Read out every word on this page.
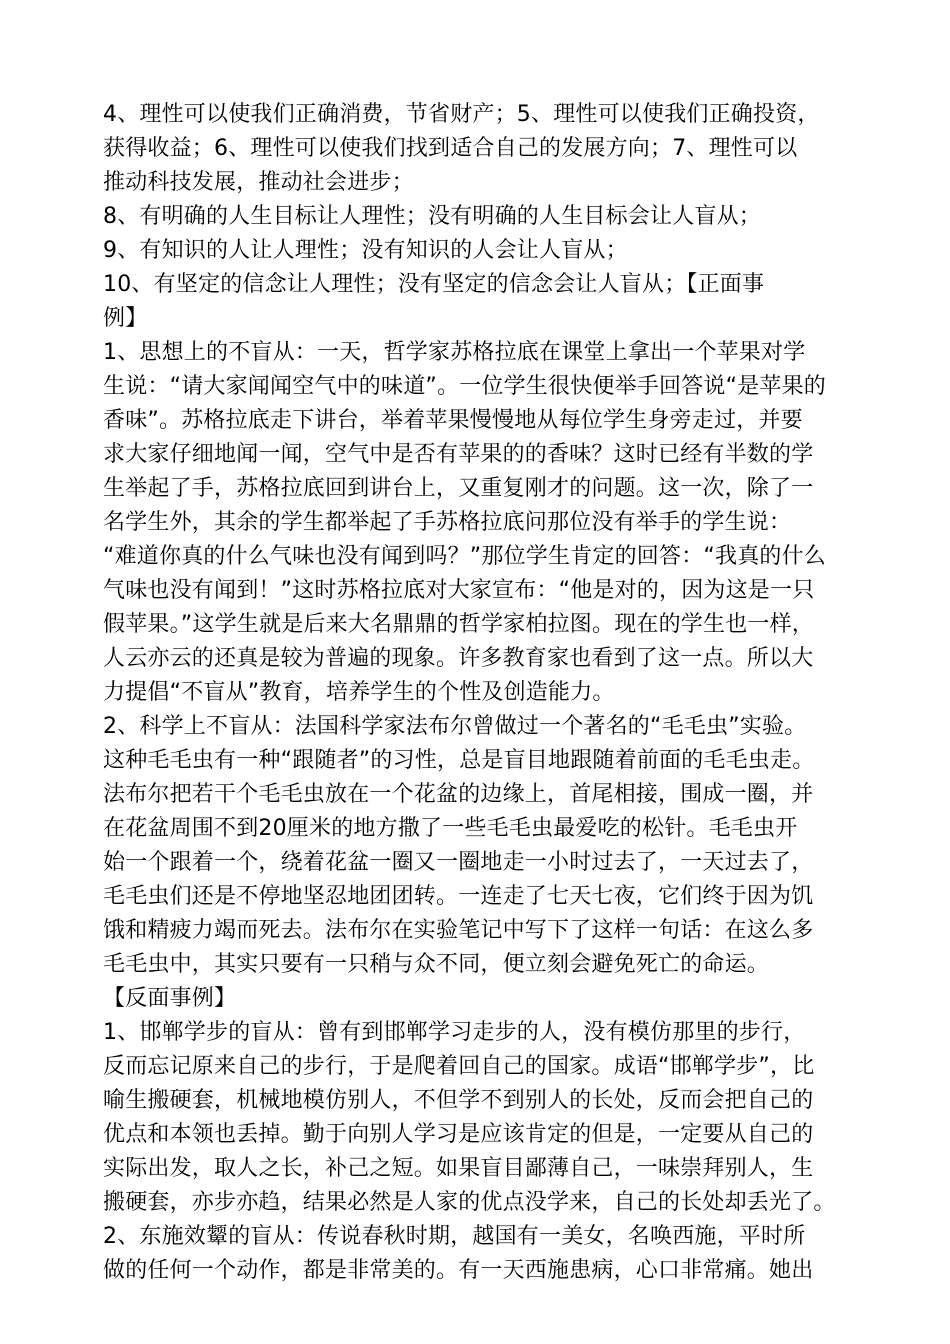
4、理性可以使我们正确消费，节省财产；5、理性可以使我们正确投资，
获得收益；6、理性可以使我们找到适合自己的发展方向；7、理性可以
推动科技发展，推动社会进步；
8、有明确的人生目标让人理性；没有明确的人生目标会让人盲从；
9、有知识的人让人理性；没有知识的人会让人盲从；
10、有坚定的信念让人理性；没有坚定的信念会让人盲从；【正面事
例】
1、思想上的不盲从：一天，哲学家苏格拉底在课堂上拿出一个苹果对学
生说：“请大家闻闻空气中的味道”。一位学生很快便举手回答说“是苹果的
香味”。苏格拉底走下讲台，举着苹果慢慢地从每位学生身旁走过，并要
求大家仔细地闻一闻，空气中是否有苹果的的香味？这时已经有半数的学
生举起了手，苏格拉底回到讲台上，又重复刚才的问题。这一次，除了一
名学生外，其余的学生都举起了手苏格拉底问那位没有举手的学生说：
“难道你真的什么气味也没有闻到吗？”那位学生肯定的回答：“我真的什么
气味也没有闻到！”这时苏格拉底对大家宣布：“他是对的，因为这是一只
假苹果。”这学生就是后来大名鼎鼎的哲学家柏拉图。现在的学生也一样，
人云亦云的还真是较为普遍的现象。许多教育家也看到了这一点。所以大
力提倡“不盲从”教育，培养学生的个性及创造能力。
2、科学上不盲从：法国科学家法布尔曾做过一个著名的“毛毛虫”实验。
这种毛毛虫有一种“跟随者”的习性，总是盲目地跟随着前面的毛毛虫走。
法布尔把若干个毛毛虫放在一个花盆的边缘上，首尾相接，围成一圈，并
在花盆周围不到20厘米的地方撒了一些毛毛虫最爱吃的松针。毛毛虫开
始一个跟着一个，绕着花盆一圈又一圈地走一小时过去了，一天过去了，
毛毛虫们还是不停地坚忍地团团转。一连走了七天七夜，它们终于因为饥
饿和精疲力竭而死去。法布尔在实验笔记中写下了这样一句话：在这么多
毛毛虫中，其实只要有一只稍与众不同，便立刻会避免死亡的命运。
【反面事例】
1、邯郸学步的盲从：曾有到邯郸学习走步的人，没有模仿那里的步行，
反而忘记原来自己的步行，于是爬着回自己的国家。成语“邯郸学步”，比
喻生搬硬套，机械地模仿别人，不但学不到别人的长处，反而会把自己的
优点和本领也丢掉。勤于向别人学习是应该肯定的但是，一定要从自己的
实际出发，取人之长，补己之短。如果盲目鄙薄自己，一味崇拜别人，生
搬硬套，亦步亦趋，结果必然是人家的优点没学来，自己的长处却丢光了。
2、东施效颦的盲从：传说春秋时期，越国有一美女，名唤西施，平时所
做的任何一个动作，都是非常美的。有一天西施患病，心口非常痛。她出
